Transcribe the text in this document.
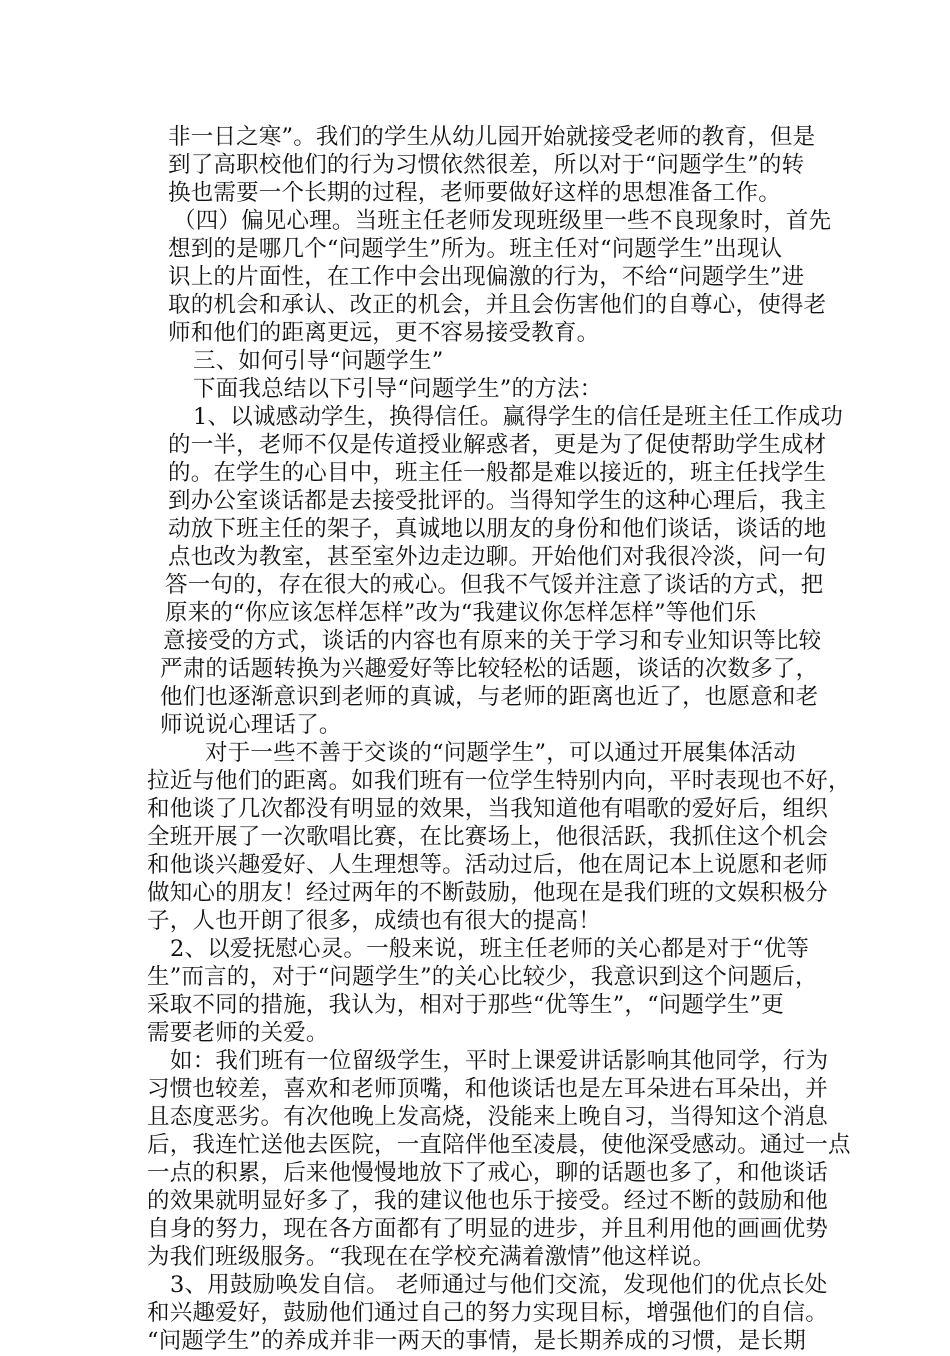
非一日之寒”。我们的学生从幼儿园开始就接受老师的教育，但是
到了高职校他们的行为习惯依然很差，所以对于“问题学生”的转
换也需要一个长期的过程，老师要做好这样的思想准备工作。
（四）偏见心理。当班主任老师发现班级里一些不良现象时，首先
想到的是哪几个“问题学生”所为。班主任对“问题学生”出现认
识上的片面性，在工作中会出现偏激的行为，不给“问题学生”进
取的机会和承认、改正的机会，并且会伤害他们的自尊心，使得老
师和他们的距离更远，更不容易接受教育。
三、如何引导“问题学生”
下面我总结以下引导“问题学生”的方法：
1、以诚感动学生，换得信任。赢得学生的信任是班主任工作成功
的一半，老师不仅是传道授业解惑者，更是为了促使帮助学生成材
的。在学生的心目中，班主任一般都是难以接近的，班主任找学生
到办公室谈话都是去接受批评的。当得知学生的这种心理后，我主
动放下班主任的架子，真诚地以朋友的身份和他们谈话，谈话的地
点也改为教室，甚至室外边走边聊。开始他们对我很冷淡，问一句
答一句的，存在很大的戒心。但我不气馁并注意了谈话的方式，把
原来的“你应该怎样怎样”改为“我建议你怎样怎样”等他们乐
意接受的方式，谈话的内容也有原来的关于学习和专业知识等比较
严肃的话题转换为兴趣爱好等比较轻松的话题，谈话的次数多了，
他们也逐渐意识到老师的真诚，与老师的距离也近了，也愿意和老
师说说心理话了。
对于一些不善于交谈的“问题学生”，可以通过开展集体活动
拉近与他们的距离。如我们班有一位学生特别内向，平时表现也不好，
和他谈了几次都没有明显的效果，当我知道他有唱歌的爱好后，组织
全班开展了一次歌唱比赛，在比赛场上，他很活跃，我抓住这个机会
和他谈兴趣爱好、人生理想等。活动过后，他在周记本上说愿和老师
做知心的朋友！经过两年的不断鼓励，他现在是我们班的文娱积极分
子，人也开朗了很多，成绩也有很大的提高！
2、以爱抚慰心灵。一般来说，班主任老师的关心都是对于“优等
生”而言的，对于“问题学生”的关心比较少，我意识到这个问题后，
采取不同的措施，我认为，相对于那些“优等生”，“问题学生”更
需要老师的关爱。
如：我们班有一位留级学生，平时上课爱讲话影响其他同学，行为
习惯也较差，喜欢和老师顶嘴，和他谈话也是左耳朵进右耳朵出，并
且态度恶劣。有次他晚上发高烧，没能来上晚自习，当得知这个消息
后，我连忙送他去医院，一直陪伴他至凌晨，使他深受感动。通过一点
一点的积累，后来他慢慢地放下了戒心，聊的话题也多了，和他谈话
的效果就明显好多了，我的建议他也乐于接受。经过不断的鼓励和他
自身的努力，现在各方面都有了明显的进步，并且利用他的画画优势
为我们班级服务。“我现在在学校充满着激情”他这样说。
3、用鼓励唤发自信。 老师通过与他们交流，发现他们的优点长处
和兴趣爱好，鼓励他们通过自己的努力实现目标，增强他们的自信。
“问题学生”的养成并非一两天的事情，是长期养成的习惯，是长期
